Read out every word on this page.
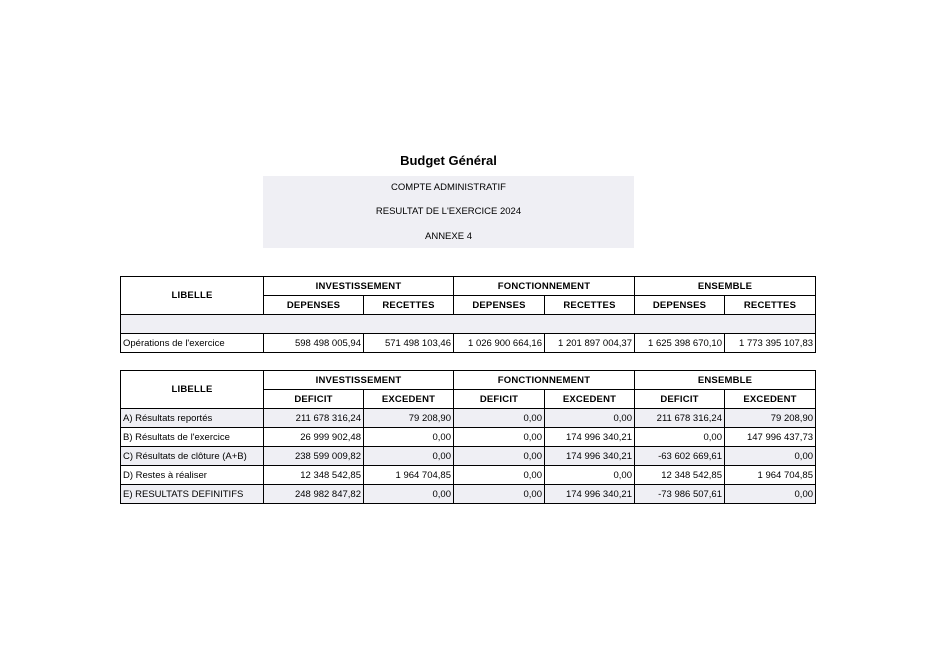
Budget Général
COMPTE ADMINISTRATIF
RESULTAT DE L'EXERCICE 2024
ANNEXE 4
LIBELLE	INVESTISSEMENT		FONCTIONNEMENT		ENSEMBLE	
	DEPENSES	RECETTES	DEPENSES	RECETTES	DEPENSES	RECETTES

Opérations de l'exercice	598 498 005,94	571 498 103,46	1 026 900 664,16	1 201 897 004,37	1 625 398 670,10	1 773 395 107,83
LIBELLE	INVESTISSEMENT		FONCTIONNEMENT		ENSEMBLE	
	DEFICIT	EXCEDENT	DEFICIT	EXCEDENT	DEFICIT	EXCEDENT
A) Résultats reportés	211 678 316,24	79 208,90	0,00	0,00	211 678 316,24	79 208,90
B) Résultats de l'exercice	26 999 902,48	0,00	0,00	174 996 340,21	0,00	147 996 437,73
C) Résultats de clôture (A+B)	238 599 009,82	0,00	0,00	174 996 340,21	-63 602 669,61	0,00
D) Restes à réaliser	12 348 542,85	1 964 704,85	0,00	0,00	12 348 542,85	1 964 704,85
E) RESULTATS DEFINITIFS	248 982 847,82	0,00	0,00	174 996 340,21	-73 986 507,61	0,00
